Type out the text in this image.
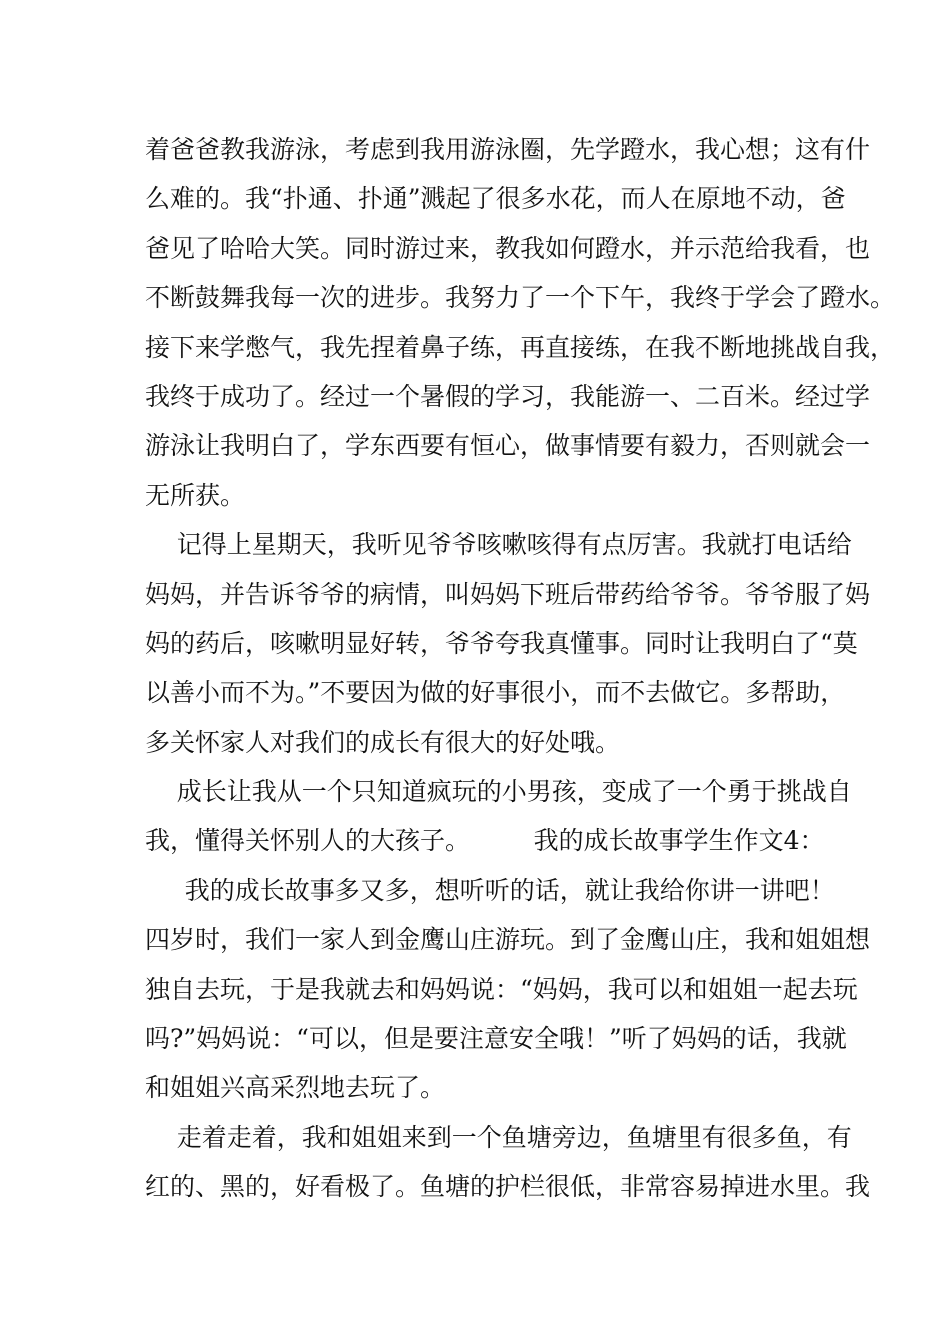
着爸爸教我游泳，考虑到我用游泳圈，先学蹬水，我心想；这有什
么难的。我“扑通、扑通”溅起了很多水花，而人在原地不动，爸
爸见了哈哈大笑。同时游过来，教我如何蹬水，并示范给我看，也
不断鼓舞我每一次的进步。我努力了一个下午，我终于学会了蹬水。
接下来学憋气，我先捏着鼻子练，再直接练，在我不断地挑战自我，
我终于成功了。经过一个暑假的学习，我能游一、二百米。经过学
游泳让我明白了，学东西要有恒心，做事情要有毅力，否则就会一
无所获。
记得上星期天，我听见爷爷咳嗽咳得有点厉害。我就打电话给
妈妈，并告诉爷爷的病情，叫妈妈下班后带药给爷爷。爷爷服了妈
妈的药后，咳嗽明显好转，爷爷夸我真懂事。同时让我明白了“莫
以善小而不为。”不要因为做的好事很小，而不去做它。多帮助，
多关怀家人对我们的成长有很大的好处哦。
成长让我从一个只知道疯玩的小男孩，变成了一个勇于挑战自
我，懂得关怀别人的大孩子。        我的成长故事学生作文4：
我的成长故事多又多，想听听的话，就让我给你讲一讲吧！
四岁时，我们一家人到金鹰山庄游玩。到了金鹰山庄，我和姐姐想
独自去玩，于是我就去和妈妈说：“妈妈，我可以和姐姐一起去玩
吗?”妈妈说：“可以，但是要注意安全哦！”听了妈妈的话，我就
和姐姐兴高采烈地去玩了。
走着走着，我和姐姐来到一个鱼塘旁边，鱼塘里有很多鱼，有
红的、黑的，好看极了。鱼塘的护栏很低，非常容易掉进水里。我
